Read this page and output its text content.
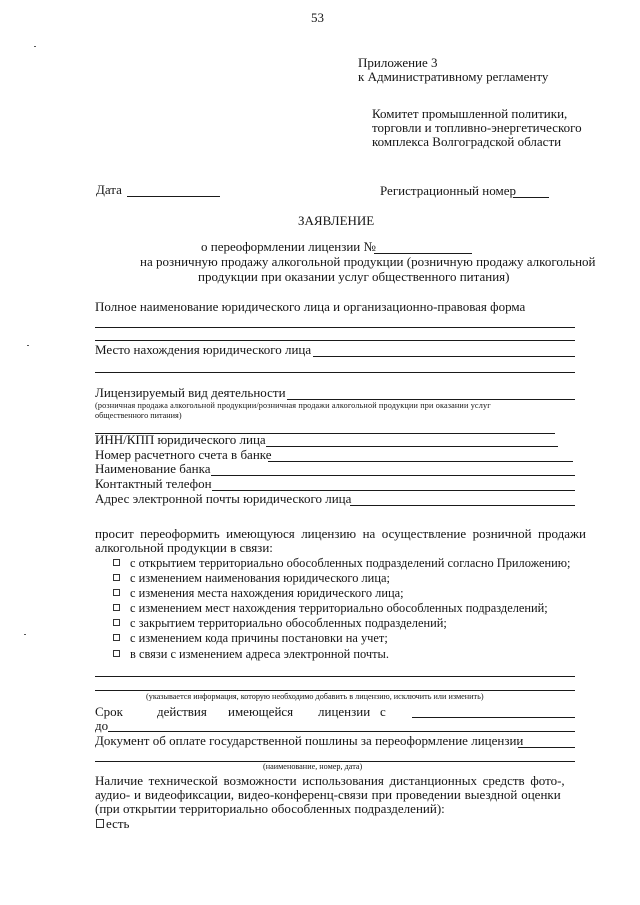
53
Приложение 3
к Административному регламенту
Комитет промышленной политики,
торговли и топливно-энергетического
комплекса Волгоградской области
Дата	Регистрационный номер
ЗАЯВЛЕНИЕ
о переоформлении лицензии №
на розничную продажу алкогольной продукции (розничную продажу алкогольной
продукции при оказании услуг общественного питания)
Полное наименование юридического лица и организационно-правовая форма
Место нахождения юридического лица
Лицензируемый вид деятельности
(розничная продажа алкогольной продукции/розничная продажи алкогольной продукции при оказании услуг
общественного питания)
ИНН/КПП юридического лица
Номер расчетного счета в банке
Наименование банка
Контактный телефон
Адрес электронной почты юридического лица
просит переоформить имеющуюся лицензию на осуществление розничной продажи
алкогольной продукции в связи:
с открытием территориально обособленных подразделений согласно Приложению;
с изменением наименования юридического лица;
с изменения места нахождения юридического лица;
с изменением мест нахождения территориально обособленных подразделений;
с закрытием территориально обособленных подразделений;
с изменением кода причины постановки на учет;
в связи с изменением адреса электронной почты.
(указывается информация, которую необходимо добавить в лицензию, исключить или изменить)
Срок	действия имеющейся лицензии с
до
Документ об оплате государственной пошлины за переоформление лицензии
(наименование, номер, дата)
Наличие технической возможности использования дистанционных средств фото-,
аудио- и видеофиксации, видео-конференц-связи при проведении выездной оценки
(при открытии территориально обособленных подразделений):
есть
